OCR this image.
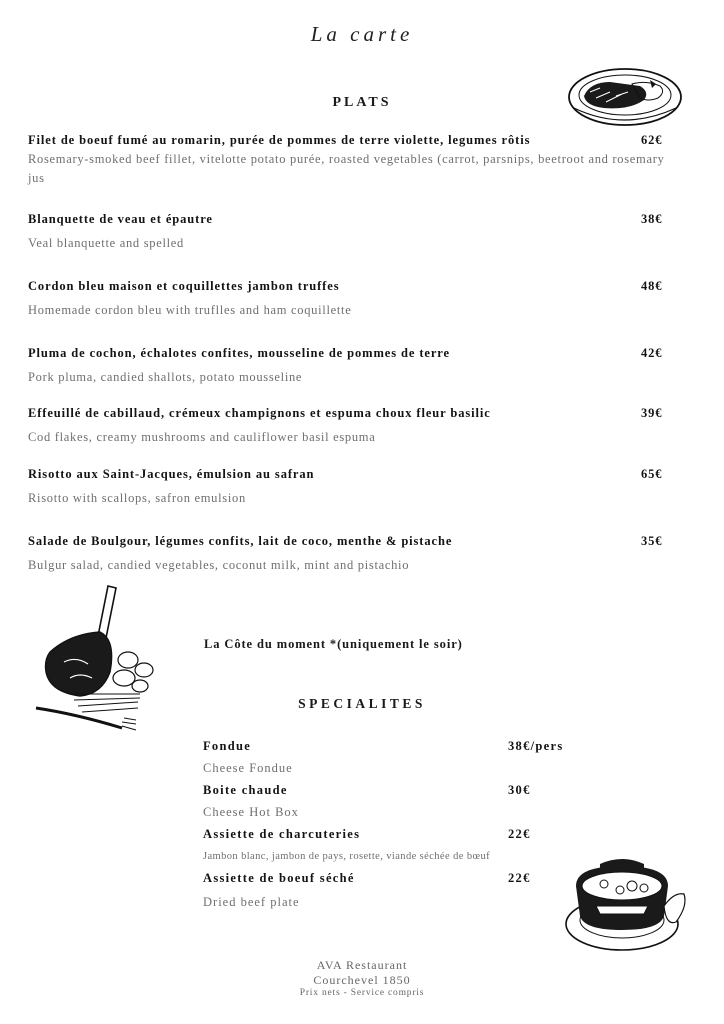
La carte
PLATS
Filet de boeuf fumé au romarin, purée de pommes de terre violette, legumes rôtis	62€
Rosemary-smoked beef fillet, vitelotte potato purée, roasted vegetables (carrot, parsnips, beetroot and rosemary jus
Blanquette de veau et épautre	38€
Veal blanquette and spelled
Cordon bleu maison et coquillettes jambon truffes	48€
Homemade cordon bleu with truflles and ham coquillette
Pluma de cochon, échalotes confites, mousseline de pommes de terre	42€
Pork pluma, candied shallots, potato mousseline
Effeuillé de cabillaud, crémeux champignons et espuma choux fleur basilic	39€
Cod flakes, creamy mushrooms and cauliflower basil espuma
Risotto aux Saint-Jacques, émulsion au safran	65€
Risotto with scallops, safron emulsion
Salade de Boulgour, légumes confits, lait de coco, menthe & pistache	35€
Bulgur salad, candied vegetables, coconut milk, mint and pistachio
La Côte du moment *(uniquement le soir)
SPECIALITES
Fondue	38€/pers
Cheese Fondue
Boite chaude	30€
Cheese Hot Box
Assiette de charcuteries	22€
Jambon blanc, jambon de pays, rosette, viande séchée de bœuf
Assiette de boeuf séché	22€
Dried beef plate
AVA Restaurant
Courchevel 1850
Prix nets - Service compris
